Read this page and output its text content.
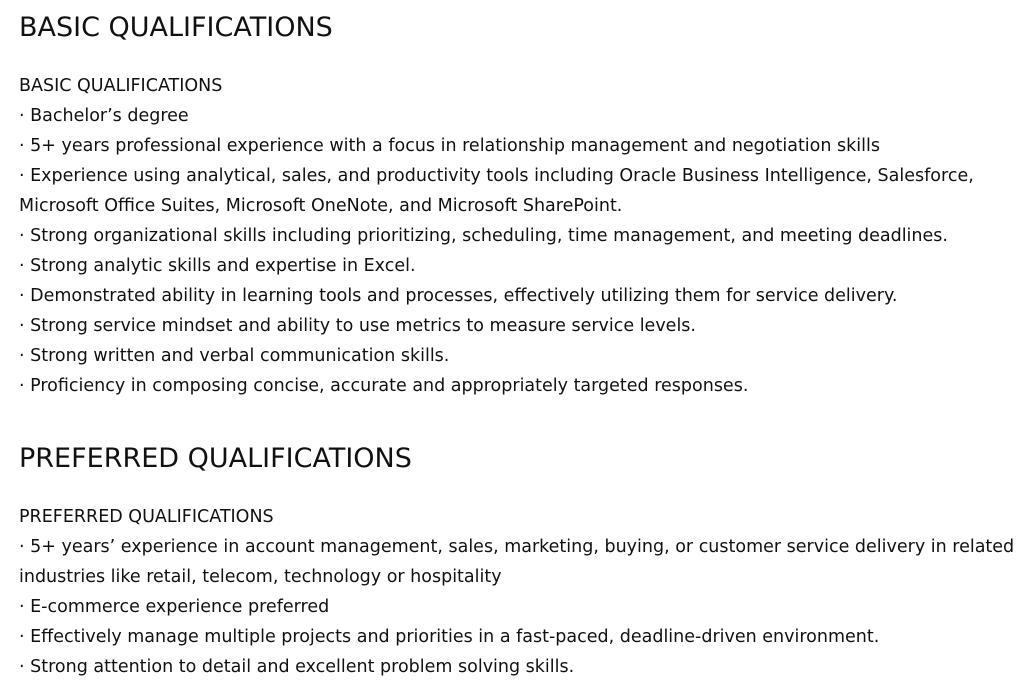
BASIC QUALIFICATIONS

BASIC QUALIFICATIONS

· Bachelor’s degree

· 5+ years professional experience with a focus in relationship management and negotiation skills

· Experience using analytical, sales, and productivity tools including Oracle Business Intelligence, Salesforce, Microsoft Office Suites, Microsoft OneNote, and Microsoft SharePoint.

· Strong organizational skills including prioritizing, scheduling, time management, and meeting deadlines.

· Strong analytic skills and expertise in Excel.

· Demonstrated ability in learning tools and processes, effectively utilizing them for service delivery.

· Strong service mindset and ability to use metrics to measure service levels.

· Strong written and verbal communication skills.

· Proficiency in composing concise, accurate and appropriately targeted responses.

PREFERRED QUALIFICATIONS

PREFERRED QUALIFICATIONS

· 5+ years’ experience in account management, sales, marketing, buying, or customer service delivery in related industries like retail, telecom, technology or hospitality

· E-commerce experience preferred

· Effectively manage multiple projects and priorities in a fast-paced, deadline-driven environment.

· Strong attention to detail and excellent problem solving skills.
